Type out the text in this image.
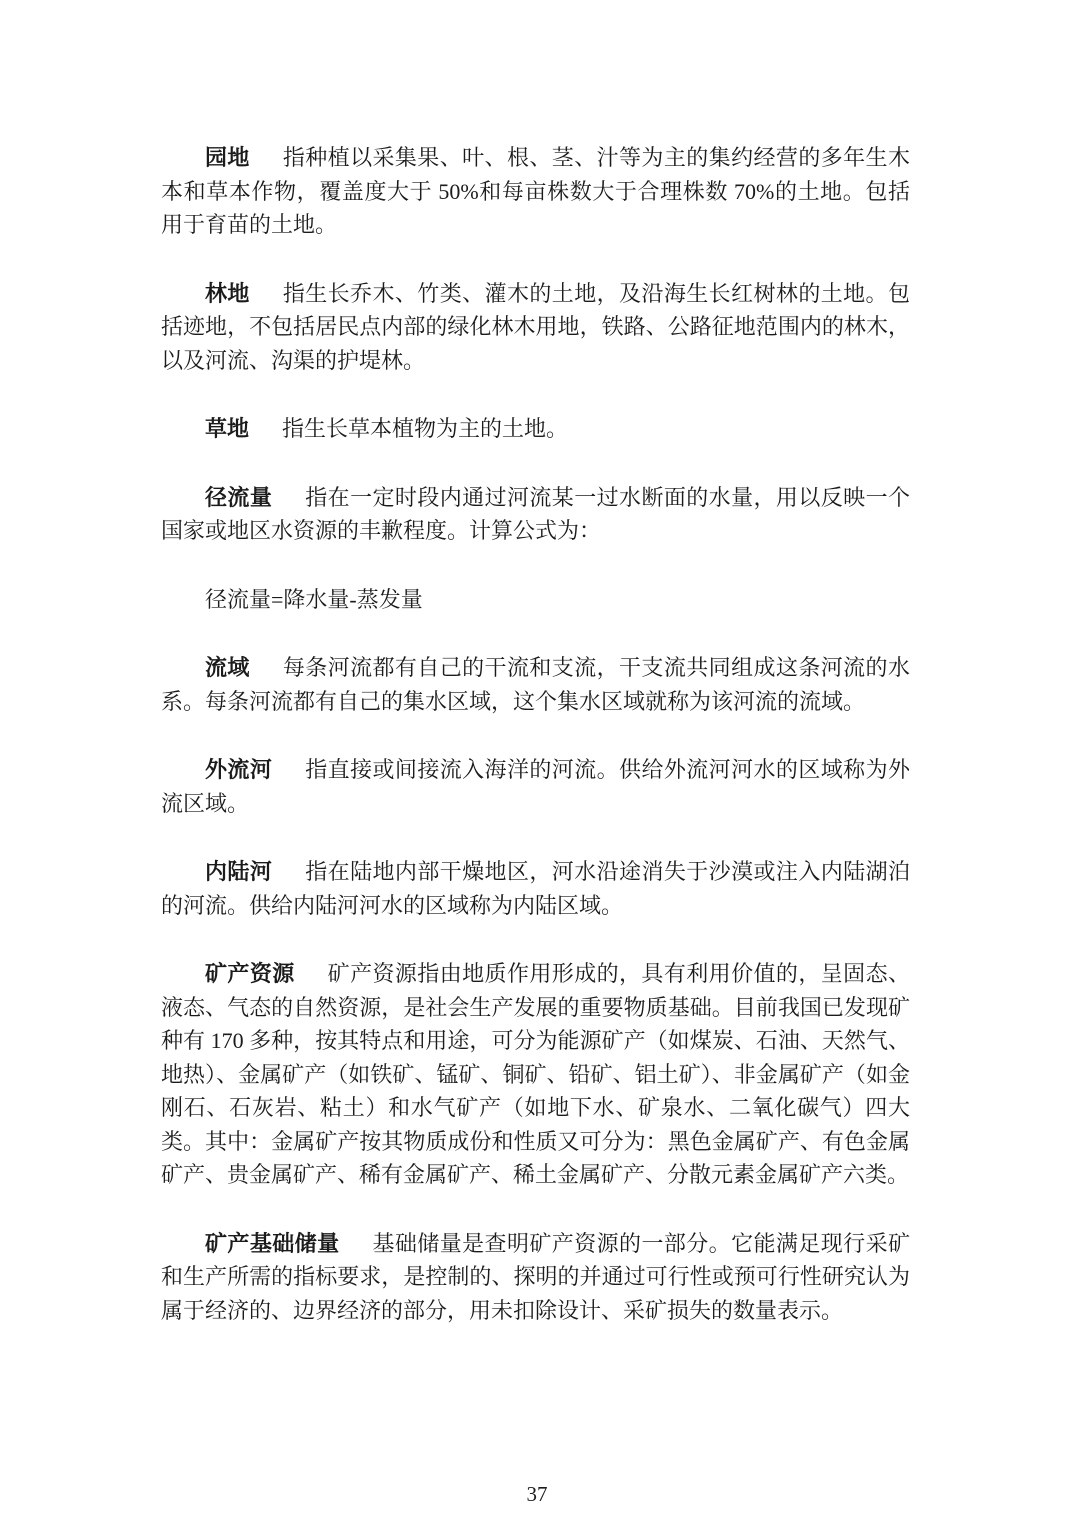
园地 指种植以采集果、叶、根、茎、汁等为主的集约经营的多年生木本和草本作物，覆盖度大于 50%和每亩株数大于合理株数 70%的土地。包括用于育苗的土地。

林地 指生长乔木、竹类、灌木的土地，及沿海生长红树林的土地。包括迹地，不包括居民点内部的绿化林木用地，铁路、公路征地范围内的林木，以及河流、沟渠的护堤林。

草地 指生长草本植物为主的土地。

径流量 指在一定时段内通过河流某一过水断面的水量，用以反映一个国家或地区水资源的丰歉程度。计算公式为：

径流量=降水量-蒸发量

流域 每条河流都有自己的干流和支流，干支流共同组成这条河流的水系。每条河流都有自己的集水区域，这个集水区域就称为该河流的流域。

外流河 指直接或间接流入海洋的河流。供给外流河河水的区域称为外流区域。

内陆河 指在陆地内部干燥地区，河水沿途消失于沙漠或注入内陆湖泊的河流。供给内陆河河水的区域称为内陆区域。

矿产资源 矿产资源指由地质作用形成的，具有利用价值的，呈固态、液态、气态的自然资源，是社会生产发展的重要物质基础。目前我国已发现矿种有 170 多种，按其特点和用途，可分为能源矿产（如煤炭、石油、天然气、地热）、金属矿产（如铁矿、锰矿、铜矿、铅矿、铝土矿）、非金属矿产（如金刚石、石灰岩、粘土）和水气矿产（如地下水、矿泉水、二氧化碳气）四大类。其中：金属矿产按其物质成份和性质又可分为：黑色金属矿产、有色金属矿产、贵金属矿产、稀有金属矿产、稀土金属矿产、分散元素金属矿产六类。

矿产基础储量 基础储量是查明矿产资源的一部分。它能满足现行采矿和生产所需的指标要求，是控制的、探明的并通过可行性或预可行性研究认为属于经济的、边界经济的部分，用未扣除设计、采矿损失的数量表示。

37
